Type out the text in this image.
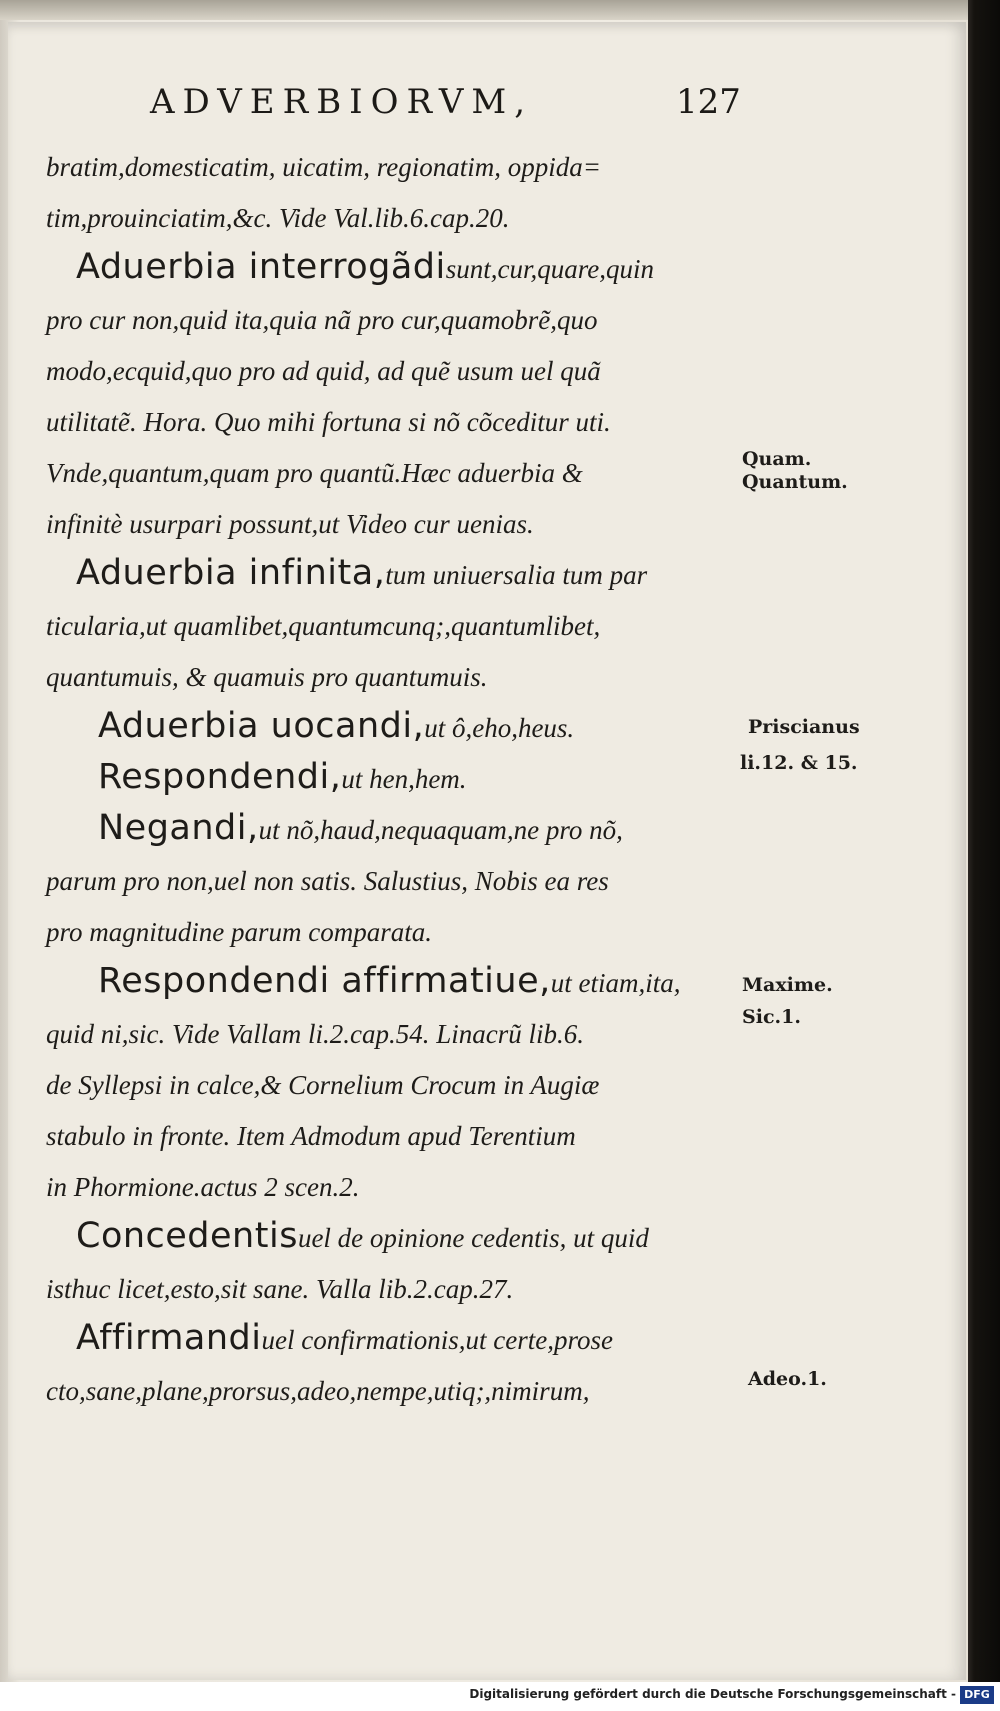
ADVERBIORVM,	127
bratim,domesticatim, uicatim, regionatim, oppida=
tim,prouinciatim,&c. Vide Val.lib.6.cap.20.
Aduerbia interrogãdisunt,cur,quare,quin
pro cur non,quid ita,quia nã pro cur,quamobrẽ,quo
modo,ecquid,quo pro ad quid, ad quẽ usum uel quã
utilitatẽ. Hora. Quo mihi fortuna si nõ cõceditur uti.
Vnde,quantum,quam pro quantũ.Hæc aduerbia &
infinitè usurpari possunt,ut Video cur uenias.
Aduerbia infinita,tum uniuersalia tum par
ticularia,ut quamlibet,quantumcunq;,quantumlibet,
quantumuis, & quamuis pro quantumuis.
Aduerbia uocandi,ut ô,eho,heus.
Respondendi,ut hen,hem.
Negandi,ut nõ,haud,nequaquam,ne pro nõ,
parum pro non,uel non satis. Salustius, Nobis ea res
pro magnitudine parum comparata.
Respondendi affirmatiue,ut etiam,ita,
quid ni,sic. Vide Vallam li.2.cap.54. Linacrũ lib.6.
de Syllepsi in calce,& Cornelium Crocum in Augiæ
stabulo in fronte. Item Admodum apud Terentium
in Phormione.actus 2 scen.2.
Concedentisuel de opinione cedentis, ut quid
isthuc licet,esto,sit sane. Valla lib.2.cap.27.
Affirmandiuel confirmationis,ut certe,prose
cto,sane,plane,prorsus,adeo,nempe,utiq;,nimirum,
Quam.
Quantum.
Priscianus
li.12. & 15.
Maxime.
Sic.1.
Adeo.1.
Digitalisierung gefördert durch die Deutsche Forschungsgemeinschaft - DFG
